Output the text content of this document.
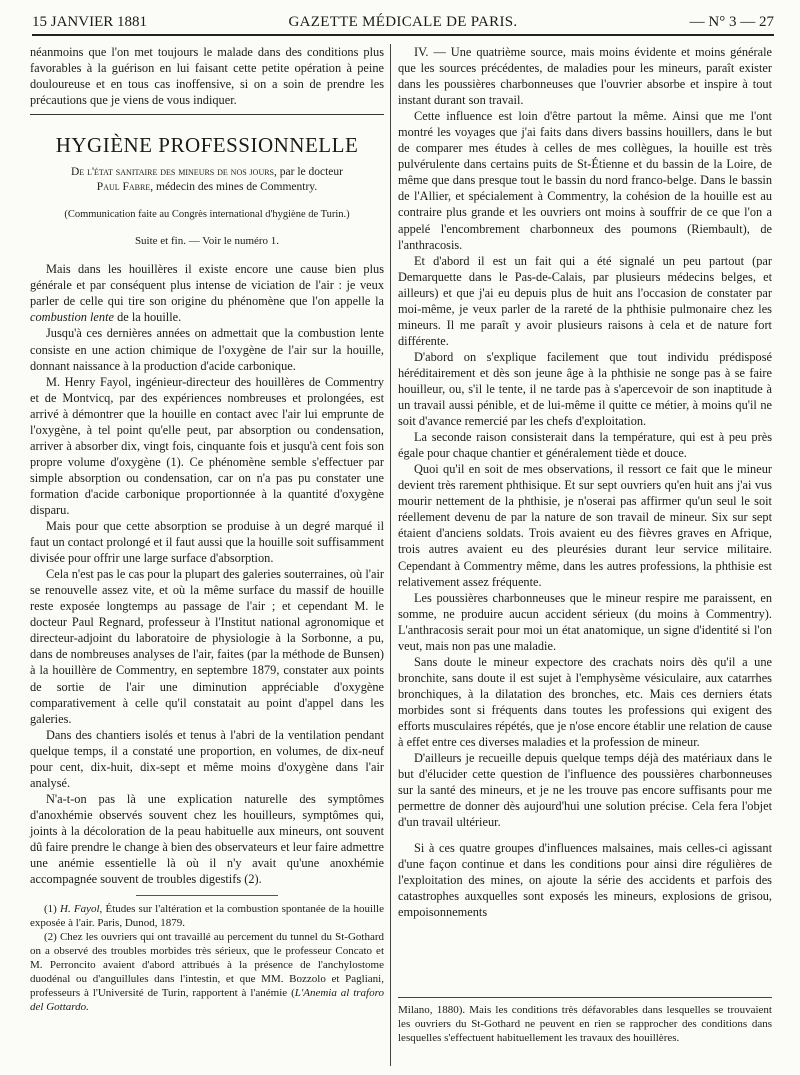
15 JANVIER 1881	GAZETTE MÉDICALE DE PARIS.	— N° 3 — 27

néanmoins que l'on met toujours le malade dans des conditions plus favorables à la guérison en lui faisant cette petite opération à peine douloureuse et en tous cas inoffensive, si on a soin de prendre les précautions que je viens de vous indiquer.

HYGIÈNE PROFESSIONNELLE

De l'état sanitaire des mineurs de nos jours, par le docteur
Paul Fabre, médecin des mines de Commentry.

(Communication faite au Congrès international d'hygiène de Turin.)

Suite et fin. — Voir le numéro 1.

Mais dans les houillères il existe encore une cause bien plus générale et par conséquent plus intense de viciation de l'air : je veux parler de celle qui tire son origine du phénomène que l'on appelle la combustion lente de la houille.

Jusqu'à ces dernières années on admettait que la combustion lente consiste en une action chimique de l'oxygène de l'air sur la houille, donnant naissance à la production d'acide carbonique.

M. Henry Fayol, ingénieur-directeur des houillères de Commentry et de Montvicq, par des expériences nombreuses et prolongées, est arrivé à démontrer que la houille en contact avec l'air lui emprunte de l'oxygène, à tel point qu'elle peut, par absorption ou condensation, arriver à absorber dix, vingt fois, cinquante fois et jusqu'à cent fois son propre volume d'oxygène (1). Ce phénomène semble s'effectuer par simple absorption ou condensation, car on n'a pas pu constater une formation d'acide carbonique proportionnée à la quantité d'oxygène disparu.

Mais pour que cette absorption se produise à un degré marqué il faut un contact prolongé et il faut aussi que la houille soit suffisamment divisée pour offrir une large surface d'absorption.

Cela n'est pas le cas pour la plupart des galeries souterraines, où l'air se renouvelle assez vite, et où la même surface du massif de houille reste exposée longtemps au passage de l'air ; et cependant M. le docteur Paul Regnard, professeur à l'Institut national agronomique et directeur-adjoint du laboratoire de physiologie à la Sorbonne, a pu, dans de nombreuses analyses de l'air, faites (par la méthode de Bunsen) à la houillère de Commentry, en septembre 1879, constater aux points de sortie de l'air une diminution appréciable d'oxygène comparativement à celle qu'il constatait au point d'appel dans les galeries.

Dans des chantiers isolés et tenus à l'abri de la ventilation pendant quelque temps, il a constaté une proportion, en volumes, de dix-neuf pour cent, dix-huit, dix-sept et même moins d'oxygène dans l'air analysé.

N'a-t-on pas là une explication naturelle des symptômes d'anoxhémie observés souvent chez les houilleurs, symptômes qui, joints à la décoloration de la peau habituelle aux mineurs, ont souvent dû faire prendre le change à bien des observateurs et leur faire admettre une anémie essentielle là où il n'y avait qu'une anoxhémie accompagnée souvent de troubles digestifs (2).

(1) H. Fayol, Études sur l'altération et la combustion spontanée de la houille exposée à l'air. Paris, Dunod, 1879.

(2) Chez les ouvriers qui ont travaillé au percement du tunnel du St-Gothard on a observé des troubles morbides très sérieux, que le professeur Concato et M. Perroncito avaient d'abord attribués à la présence de l'anchylostome duodénal ou d'anguillules dans l'intestin, et que MM. Bozzolo et Pagliani, professeurs à l'Université de Turin, rapportent à l'anémie (L'Anemia al traforo del Gottardo.

IV. — Une quatrième source, mais moins évidente et moins générale que les sources précédentes, de maladies pour les mineurs, paraît exister dans les poussières charbonneuses que l'ouvrier absorbe et inspire à tout instant durant son travail.

Cette influence est loin d'être partout la même. Ainsi que me l'ont montré les voyages que j'ai faits dans divers bassins houillers, dans le but de comparer mes études à celles de mes collègues, la houille est très pulvérulente dans certains puits de St-Étienne et du bassin de la Loire, de même que dans presque tout le bassin du nord franco-belge. Dans le bassin de l'Allier, et spécialement à Commentry, la cohésion de la houille est au contraire plus grande et les ouvriers ont moins à souffrir de ce que l'on a appelé l'encombrement charbonneux des poumons (Riembault), de l'anthracosis.

Et d'abord il est un fait qui a été signalé un peu partout (par Demarquette dans le Pas-de-Calais, par plusieurs médecins belges, et ailleurs) et que j'ai eu depuis plus de huit ans l'occasion de constater par moi-même, je veux parler de la rareté de la phthisie pulmonaire chez les mineurs. Il me paraît y avoir plusieurs raisons à cela et de nature fort différente.

D'abord on s'explique facilement que tout individu prédisposé héréditairement et dès son jeune âge à la phthisie ne songe pas à se faire houilleur, ou, s'il le tente, il ne tarde pas à s'apercevoir de son inaptitude à un travail aussi pénible, et de lui-même il quitte ce métier, à moins qu'il ne soit d'avance remercié par les chefs d'exploitation.

La seconde raison consisterait dans la température, qui est à peu près égale pour chaque chantier et généralement tiède et douce.

Quoi qu'il en soit de mes observations, il ressort ce fait que le mineur devient très rarement phthisique. Et sur sept ouvriers qu'en huit ans j'ai vus mourir nettement de la phthisie, je n'oserai pas affirmer qu'un seul le soit réellement devenu de par la nature de son travail de mineur. Six sur sept étaient d'anciens soldats. Trois avaient eu des fièvres graves en Afrique, trois autres avaient eu des pleurésies durant leur service militaire. Cependant à Commentry même, dans les autres professions, la phthisie est relativement assez fréquente.

Les poussières charbonneuses que le mineur respire me paraissent, en somme, ne produire aucun accident sérieux (du moins à Commentry). L'anthracosis serait pour moi un état anatomique, un signe d'identité si l'on veut, mais non pas une maladie.

Sans doute le mineur expectore des crachats noirs dès qu'il a une bronchite, sans doute il est sujet à l'emphysème vésiculaire, aux catarrhes bronchiques, à la dilatation des bronches, etc. Mais ces derniers états morbides sont si fréquents dans toutes les professions qui exigent des efforts musculaires répétés, que je n'ose encore établir une relation de cause à effet entre ces diverses maladies et la profession de mineur.

D'ailleurs je recueille depuis quelque temps déjà des matériaux dans le but d'élucider cette question de l'influence des poussières charbonneuses sur la santé des mineurs, et je ne les trouve pas encore suffisants pour me permettre de donner dès aujourd'hui une solution précise. Cela fera l'objet d'un travail ultérieur.

Si à ces quatre groupes d'influences malsaines, mais celles-ci agissant d'une façon continue et dans les conditions pour ainsi dire régulières de l'exploitation des mines, on ajoute la série des accidents et parfois des catastrophes auxquelles sont exposés les mineurs, explosions de grisou, empoisonnements

Milano, 1880). Mais les conditions très défavorables dans lesquelles se trouvaient les ouvriers du St-Gothard ne peuvent en rien se rapprocher des conditions dans lesquelles s'effectuent habituellement les travaux des houillères.
